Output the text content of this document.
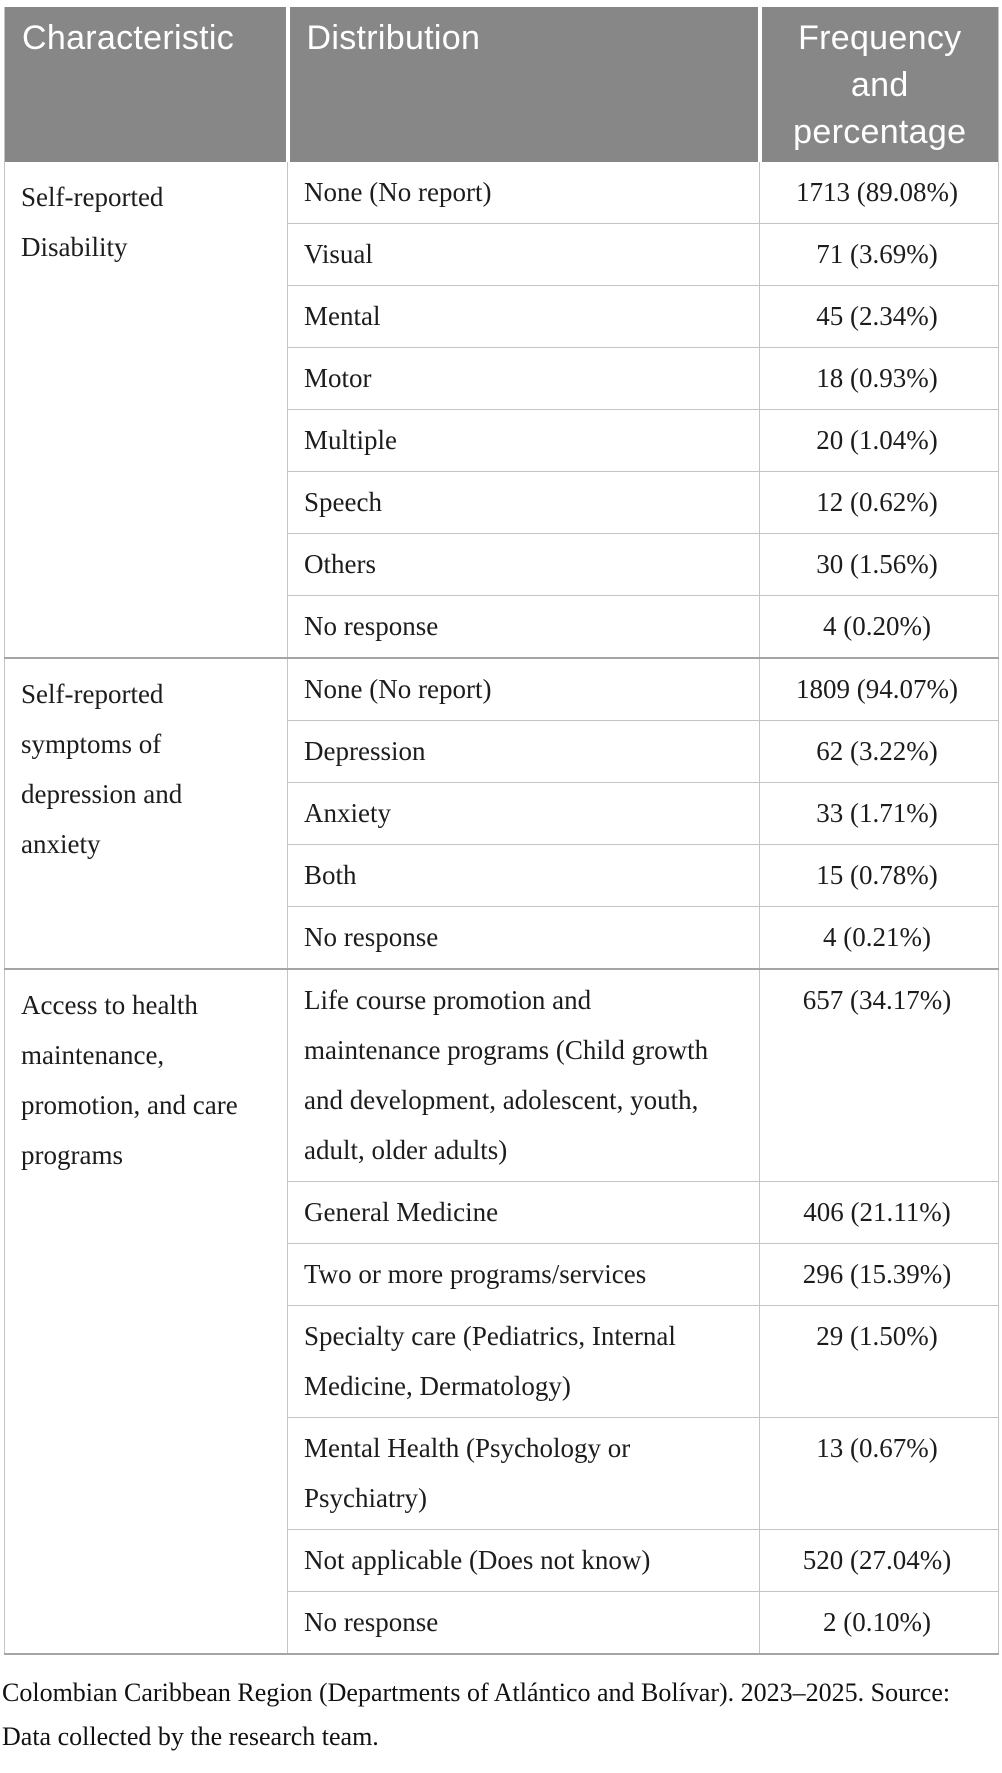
Characteristic	Distribution	Frequency and percentage
Self-reported Disability	None (No report)	1713 (89.08%)
	Visual	71 (3.69%)
	Mental	45 (2.34%)
	Motor	18 (0.93%)
	Multiple	20 (1.04%)
	Speech	12 (0.62%)
	Others	30 (1.56%)
	No response	4 (0.20%)
Self-reported symptoms of depression and anxiety	None (No report)	1809 (94.07%)
	Depression	62 (3.22%)
	Anxiety	33 (1.71%)
	Both	15 (0.78%)
	No response	4 (0.21%)
Access to health maintenance, promotion, and care programs	Life course promotion and maintenance programs (Child growth and development, adolescent, youth, adult, older adults)	657 (34.17%)
	General Medicine	406 (21.11%)
	Two or more programs/services	296 (15.39%)
	Specialty care (Pediatrics, Internal Medicine, Dermatology)	29 (1.50%)
	Mental Health (Psychology or Psychiatry)	13 (0.67%)
	Not applicable (Does not know)	520 (27.04%)
	No response	2 (0.10%)

Colombian Caribbean Region (Departments of Atlántico and Bolívar). 2023–2025. Source: Data collected by the research team.
